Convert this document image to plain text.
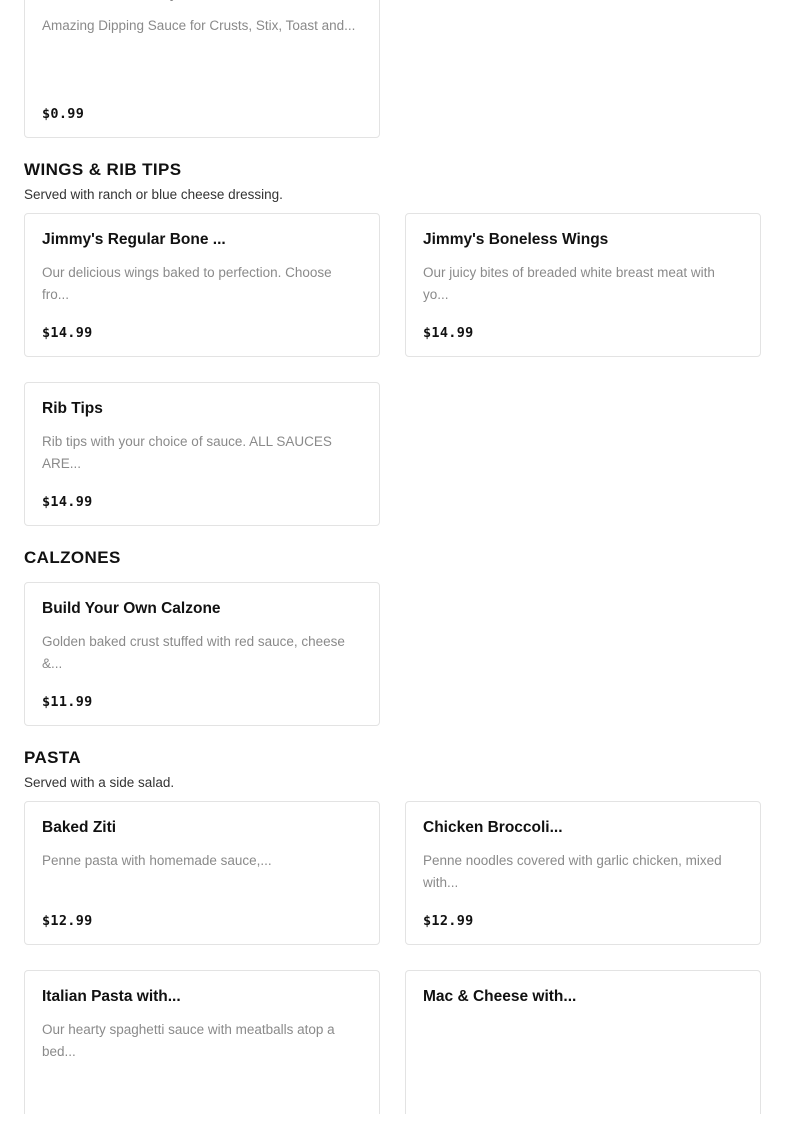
Amazing Dipping Sauce for Crusts, Stix, Toast and...
$0.99
WINGS & RIB TIPS

Served with ranch or blue cheese dressing.

Jimmy's Regular Bone ...
Our delicious wings baked to perfection. Choose fro...
$14.99
Jimmy's Boneless Wings
Our juicy bites of breaded white breast meat with yo...
$14.99
Rib Tips
Rib tips with your choice of sauce. ALL SAUCES ARE...
$14.99
CALZONES
Build Your Own Calzone
Golden baked crust stuffed with red sauce, cheese &...
$11.99
PASTA

Served with a side salad.

Baked Ziti
Penne pasta with homemade sauce,...
$12.99
Chicken Broccoli...
Penne noodles covered with garlic chicken, mixed with...
$12.99
Italian Pasta with...
Our hearty spaghetti sauce with meatballs atop a bed...
Mac & Cheese with...
